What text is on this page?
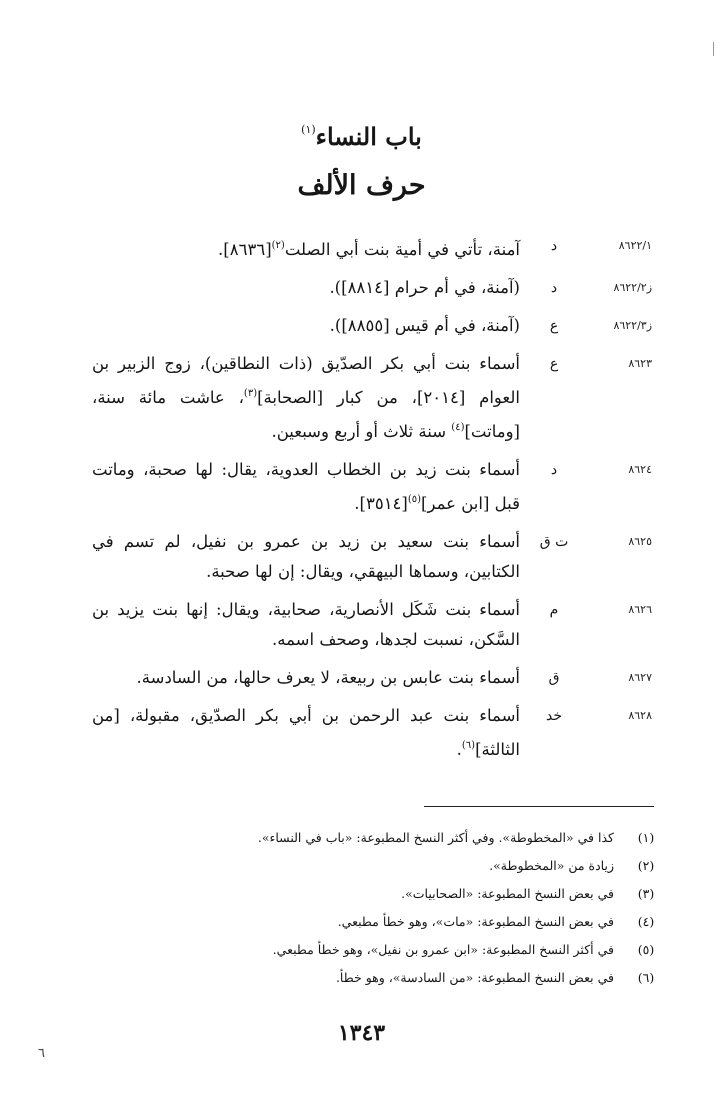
باب النساء$^{(١)}$
حرف الألف
٨٦٢٢/١
د
آمنة، تأتي في أمية بنت أبي الصلت$^{(٢)}$[٨٦٣٦].
ز٨٦٢٢/٢
د
(آمنة، في أم حرام [٨٨١٤]).
ز٨٦٢٢/٣
ع
(آمنة، في أم قيس [٨٨٥٥]).
٨٦٢٣
ع
أسماء بنت أبي بكر الصدّيق (ذات النطاقين)، زوج الزبير بن العوام [٢٠١٤]، من كبار [الصحابة]$^{(٣)}$، عاشت مائة سنة، [وماتت]$^{(٤)}$ سنة ثلاث أو أربع وسبعين.
٨٦٢٤
د
أسماء بنت زيد بن الخطاب العدوية، يقال: لها صحبة، وماتت قبل [ابن عمر]$^{(٥)}$[٣٥١٤].
٨٦٢٥
ت ق
أسماء بنت سعيد بن زيد بن عمرو بن نفيل، لم تسم في الكتابين، وسماها البيهقي، ويقال: إن لها صحبة.
٨٦٢٦
م
أسماء بنت شَكَل الأنصارية، صحابية، ويقال: إنها بنت يزيد بن السَّكن، نسبت لجدها، وصحف اسمه.
٨٦٢٧
ق
أسماء بنت عابس بن ربيعة، لا يعرف حالها، من السادسة.
٨٦٢٨
خد
أسماء بنت عبد الرحمن بن أبي بكر الصدّيق، مقبولة، [من الثالثة]$^{(٦)}$.
(١)
كذا في «المخطوطة». وفي أكثر النسخ المطبوعة: «باب في النساء».
(٢)
زيادة من «المخطوطة».
(٣)
في بعض النسخ المطبوعة: «الصحابيات».
(٤)
في بعض النسخ المطبوعة: «مات»، وهو خطأ مطبعي.
(٥)
في أكثر النسخ المطبوعة: «ابن عمرو بن نفيل»، وهو خطأ مطبعي.
(٦)
في بعض النسخ المطبوعة: «من السادسة»، وهو خطأ.
١٣٤٣
٦
